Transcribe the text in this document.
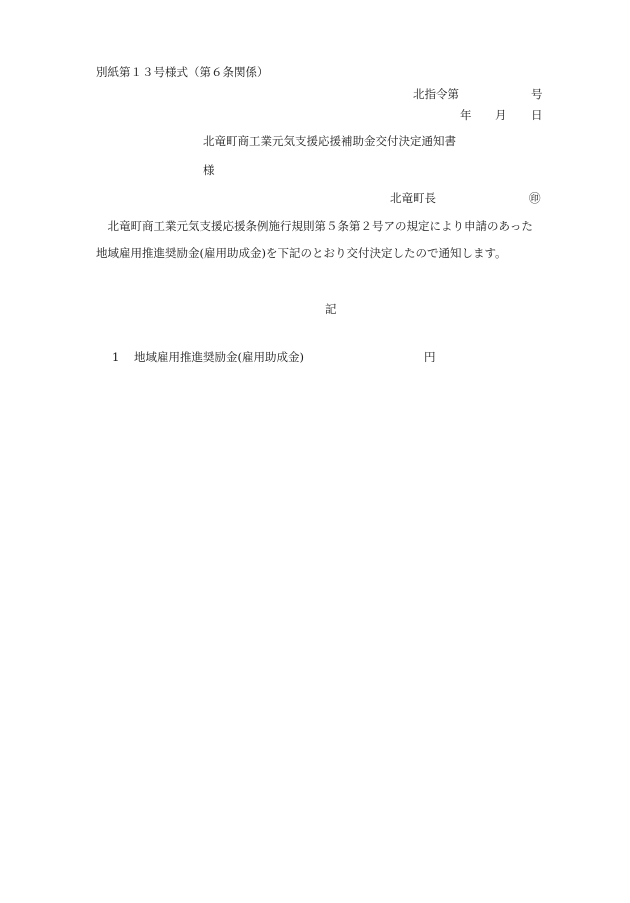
別紙第１３号様式（第６条関係）
北指令第	号
年 月 日
北竜町商工業元気支援応援補助金交付決定通知書
様
北竜町長	㊞
　北竜町商工業元気支援応援条例施行規則第５条第２号アの規定により申請のあった
地域雇用推進奨励金(雇用助成金)を下記のとおり交付決定したので通知します。
記
1 地域雇用推進奨励金(雇用助成金)	円
